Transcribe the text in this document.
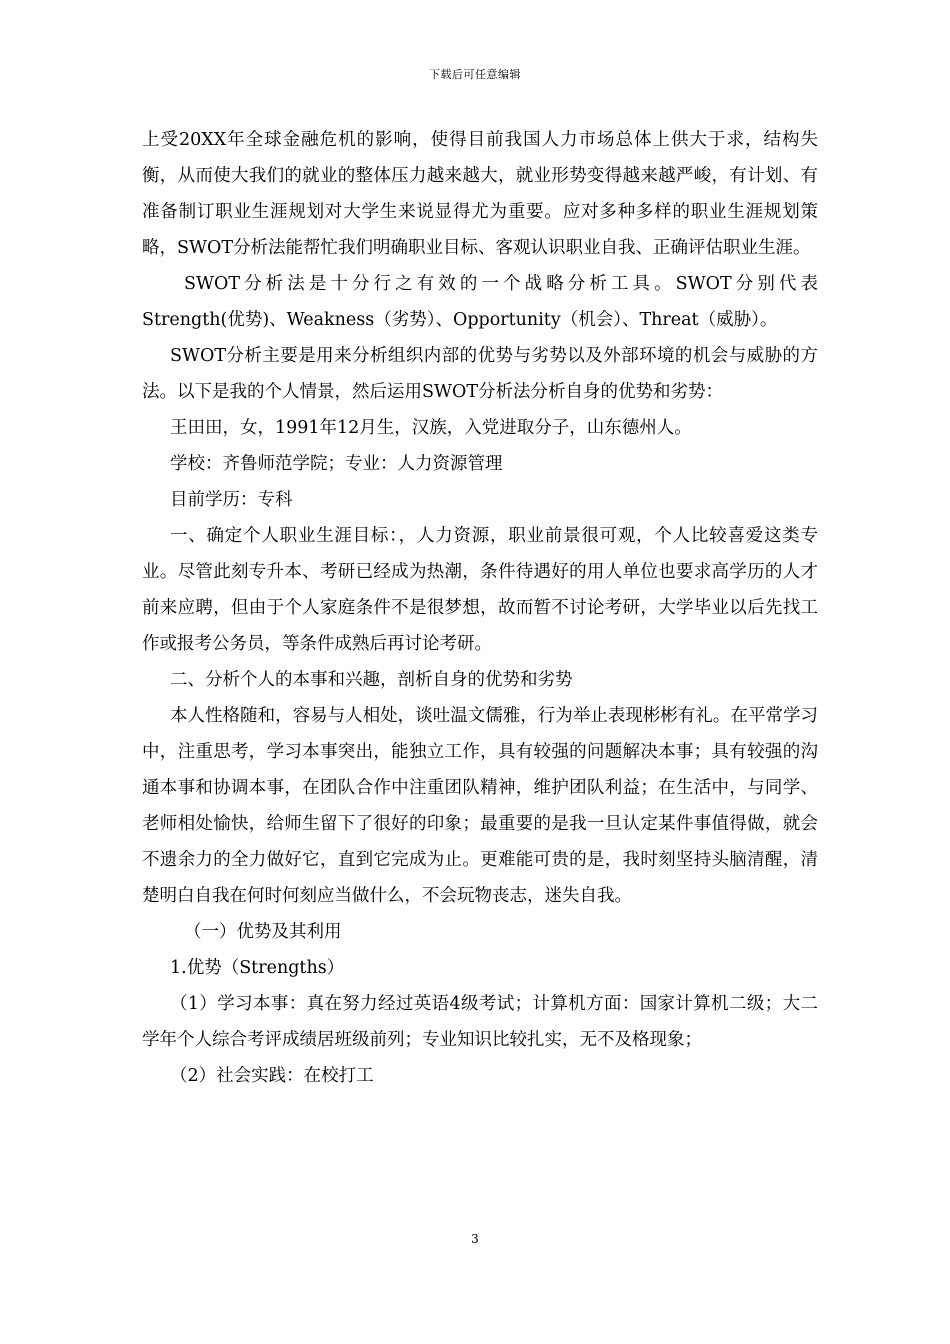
下载后可任意编辑

上受20XX年全球金融危机的影响，使得目前我国人力市场总体上供大于求，结构失衡，从而使大我们的就业的整体压力越来越大，就业形势变得越来越严峻，有计划、有准备制订职业生涯规划对大学生来说显得尤为重要。应对多种多样的职业生涯规划策略，SWOT分析法能帮忙我们明确职业目标、客观认识职业自我、正确评估职业生涯。

SWOT分析法是十分行之有效的一个战略分析工具。SWOT分别代表Strength(优势)、Weakness（劣势）、Opportunity（机会）、Threat（威胁）。

SWOT分析主要是用来分析组织内部的优势与劣势以及外部环境的机会与威胁的方法。以下是我的个人情景，然后运用SWOT分析法分析自身的优势和劣势：

王田田，女，1991年12月生，汉族，入党进取分子，山东德州人。

学校：齐鲁师范学院；专业：人力资源管理

目前学历：专科

一、确定个人职业生涯目标：，人力资源，职业前景很可观，个人比较喜爱这类专业。尽管此刻专升本、考研已经成为热潮，条件待遇好的用人单位也要求高学历的人才前来应聘，但由于个人家庭条件不是很梦想，故而暂不讨论考研，大学毕业以后先找工作或报考公务员，等条件成熟后再讨论考研。

二、分析个人的本事和兴趣，剖析自身的优势和劣势

本人性格随和，容易与人相处，谈吐温文儒雅，行为举止表现彬彬有礼。在平常学习中，注重思考，学习本事突出，能独立工作，具有较强的问题解决本事；具有较强的沟通本事和协调本事，在团队合作中注重团队精神，维护团队利益；在生活中，与同学、老师相处愉快，给师生留下了很好的印象；最重要的是我一旦认定某件事值得做，就会不遗余力的全力做好它，直到它完成为止。更难能可贵的是，我时刻坚持头脑清醒，清楚明白自我在何时何刻应当做什么，不会玩物丧志，迷失自我。

（一）优势及其利用

1.优势（Strengths）

（1）学习本事：真在努力经过英语4级考试；计算机方面：国家计算机二级；大二学年个人综合考评成绩居班级前列；专业知识比较扎实，无不及格现象；

（2）社会实践：在校打工

3
